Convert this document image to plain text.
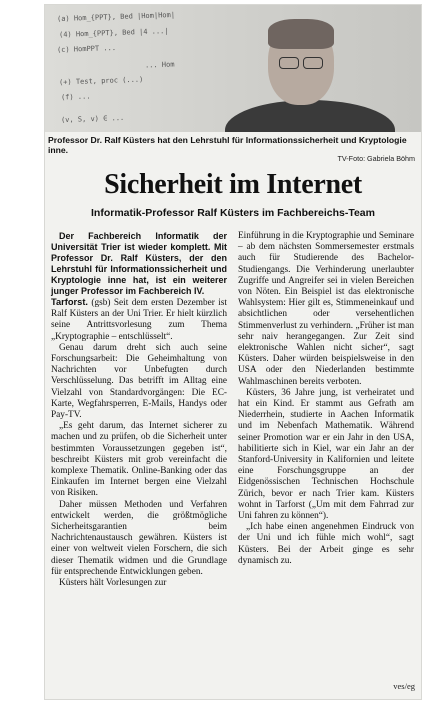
(a) Hom_{PPT}, Bed |Hom|Hom|
(4) Hom_{PPT}, Bed |4 ...|
(c) HomPPT ...
... Hom
(+) Test, proc (...)
(f) ...
(v, S, v) ∈ ...
Professor Dr. Ralf Küsters hat den Lehrstuhl für Informationssicherheit und Kryptologie inne.
TV-Foto: Gabriela Böhm
Sicherheit im Internet
Informatik-Professor Ralf Küsters im Fachbereichs-Team

Der Fachbereich Informatik der Universität Trier ist wieder komplett. Mit Professor Dr. Ralf Küsters, der den Lehrstuhl für Informationssicherheit und Kryptologie inne hat, ist ein weiterer junger Professor im Fachbereich IV.

Tarforst. (gsb) Seit dem ersten Dezember ist Ralf Küsters an der Uni Trier. Er hielt kürzlich seine Antrittsvorlesung zum Thema „Kryptographie – entschlüsselt“.

Genau darum dreht sich auch seine Forschungsarbeit: Die Geheimhaltung von Nachrichten vor Unbefugten durch Verschlüsselung. Das betrifft im Alltag eine Vielzahl von Standardvorgängen: Die EC-Karte, Wegfahrsperren, E-Mails, Handys oder Pay-TV.

„Es geht darum, das Internet sicherer zu machen und zu prüfen, ob die Sicherheit unter bestimmten Voraussetzungen gegeben ist“, beschreibt Küsters mit grob vereinfacht die komplexe Thematik. Online-Banking oder das Einkaufen im Internet bergen eine Vielzahl von Risiken.

Daher müssen Methoden und Verfahren entwickelt werden, die größtmögliche Sicherheitsgarantien beim Nachrichtenaustausch gewähren. Küsters ist einer von weltweit vielen Forschern, die sich dieser Thematik widmen und die Grundlage für entsprechende Entwicklungen geben.

Küsters hält Vorlesungen zur

Einführung in die Kryptographie und Seminare – ab dem nächsten Sommersemester erstmals auch für Studierende des Bachelor-Studiengangs. Die Verhinderung unerlaubter Zugriffe und Angreifer sei in vielen Bereichen von Nöten. Ein Beispiel ist das elektronische Wahlsystem: Hier gilt es, Stimmeneinkauf und absichtlichen oder versehentlichen Stimmenverlust zu verhindern. „Früher ist man sehr naiv herangegangen. Zur Zeit sind elektronische Wahlen nicht sicher“, sagt Küsters. Daher würden beispielsweise in den USA oder den Niederlanden bestimmte Wahlmaschinen bereits verboten.

Küsters, 36 Jahre jung, ist verheiratet und hat ein Kind. Er stammt aus Gefrath am Niederrhein, studierte in Aachen Informatik und im Nebenfach Mathematik. Während seiner Promotion war er ein Jahr in den USA, habilitierte sich in Kiel, war ein Jahr an der Stanford-University in Kalifornien und leitete eine Forschungsgruppe an der Eidgenössischen Technischen Hochschule Zürich, bevor er nach Trier kam. Küsters wohnt in Tarforst („Um mit dem Fahrrad zur Uni fahren zu können“).

„Ich habe einen angenehmen Eindruck von der Uni und ich fühle mich wohl“, sagt Küsters. Bei der Arbeit ginge es sehr dynamisch zu.

ves/eg
